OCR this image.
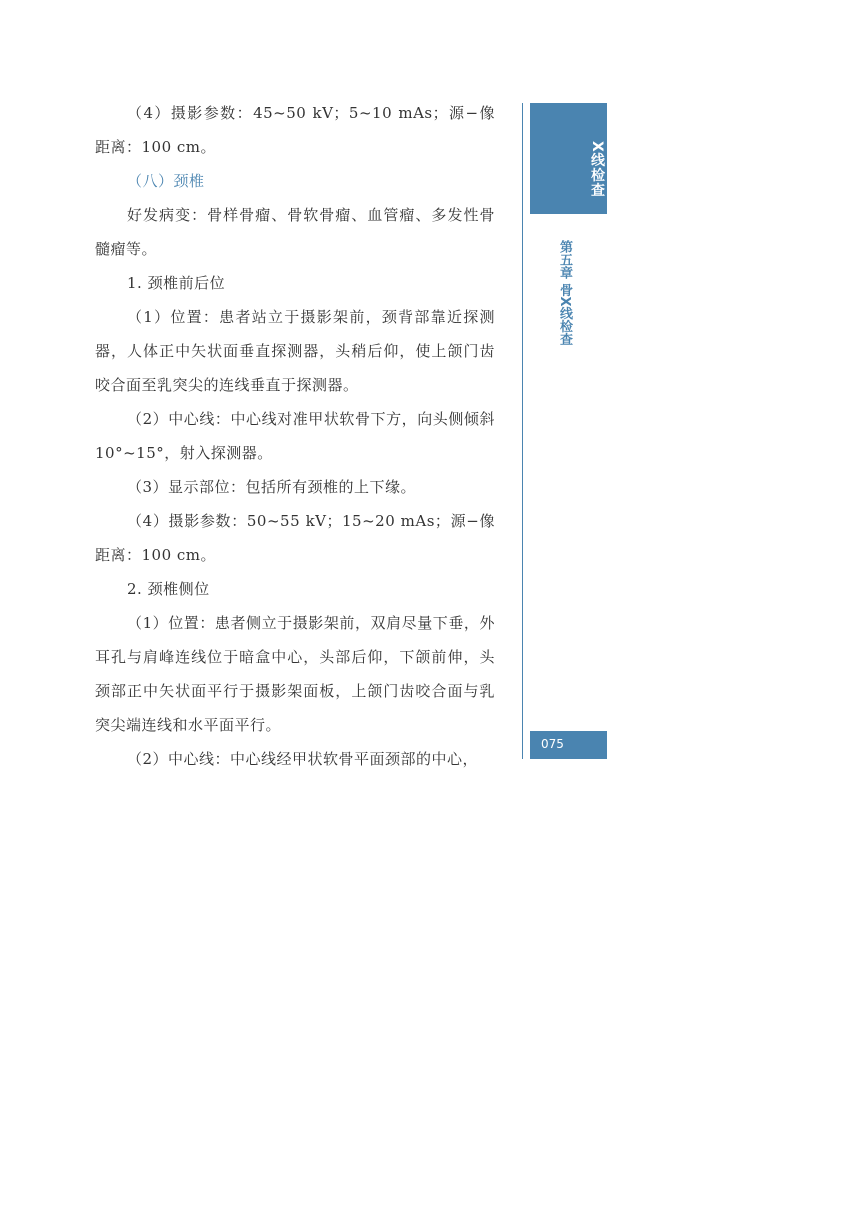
（4）摄影参数：45~50 kV；5~10 mAs；源−像距离：100 cm。

（八）颈椎

好发病变：骨样骨瘤、骨软骨瘤、血管瘤、多发性骨髓瘤等。

1. 颈椎前后位

（1）位置：患者站立于摄影架前，颈背部靠近探测器，人体正中矢状面垂直探测器，头稍后仰，使上颌门齿咬合面至乳突尖的连线垂直于探测器。

（2）中心线：中心线对准甲状软骨下方，向头侧倾斜10°~15°，射入探测器。

（3）显示部位：包括所有颈椎的上下缘。

（4）摄影参数：50~55 kV；15~20 mAs；源−像距离：100 cm。

2. 颈椎侧位

（1）位置：患者侧立于摄影架前，双肩尽量下垂，外耳孔与肩峰连线位于暗盒中心，头部后仰，下颌前伸，头颈部正中矢状面平行于摄影架面板，上颌门齿咬合面与乳突尖端连线和水平面平行。

（2）中心线：中心线经甲状软骨平面颈部的中心，

X线检查
第五章 骨X线检查
075
